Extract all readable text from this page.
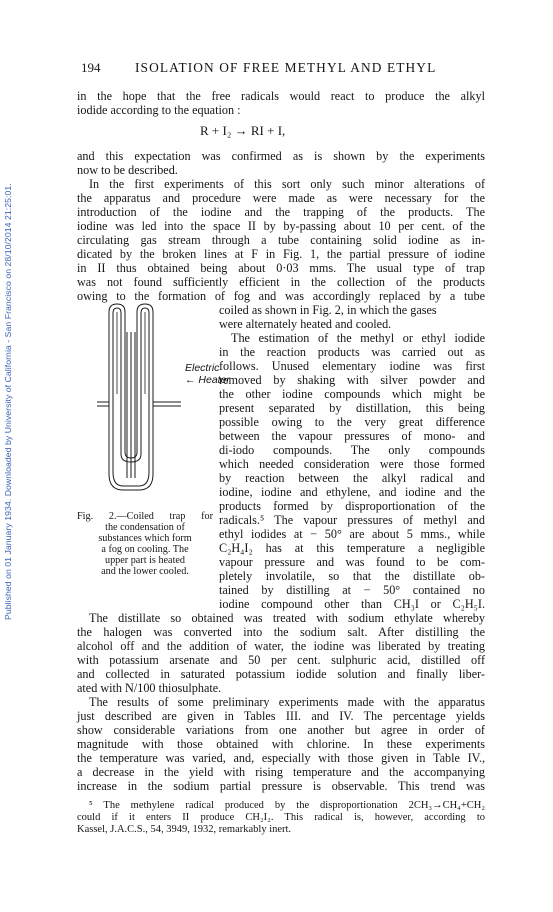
Published on 01 January 1934. Downloaded by University of California - San Francisco on 28/10/2014 21:25:01.
194	ISOLATION OF FREE METHYL AND ETHYL
in the hope that the free radicals would react to produce the alkyl
iodide according to the equation :
R + I₂ → RI + I,
and this expectation was confirmed as is shown by the experiments
now to be described.
In the first experiments of this sort only such minor alterations of
the apparatus and procedure were made as were necessary for the
introduction of the iodine and the trapping of the products. The
iodine was led into the space II by by-passing about 10 per cent. of the
circulating gas stream through a tube containing solid iodine as in-
dicated by the broken lines at F in Fig. 1, the partial pressure of iodine
in II thus obtained being about 0·03 mms. The usual type of trap
was not found sufficiently efficient in the collection of the products
owing to the formation of fog and was accordingly replaced by a tube
Electric
← Heater
coiled as shown in Fig. 2, in which the gases
were alternately heated and cooled.
The estimation of the methyl or ethyl iodide
in the reaction products was carried out as
follows. Unused elementary iodine was first
removed by shaking with silver powder and
the other iodine compounds which might be
present separated by distillation, this being
possible owing to the very great difference
between the vapour pressures of mono- and
di-iodo compounds. The only compounds
which needed consideration were those formed
by reaction between the alkyl radical and
iodine, iodine and ethylene, and iodine and the
products formed by disproportionation of the
radicals.⁵ The vapour pressures of methyl and
ethyl iodides at − 50° are about 5 mms., while
C₂H₄I₂ has at this temperature a negligible
vapour pressure and was found to be com-
pletely involatile, so that the distillate ob-
tained by distilling at − 50° contained no
iodine compound other than CH₃I or C₂H₅I.
Fig. 2.—Coiled trap for
the condensation of
substances which form
a fog on cooling. The
upper part is heated
and the lower cooled.
The distillate so obtained was treated with sodium ethylate whereby
the halogen was converted into the sodium salt. After distilling the
alcohol off and the addition of water, the iodine was liberated by treating
with potassium arsenate and 50 per cent. sulphuric acid, distilled off
and collected in saturated potassium iodide solution and finally liber-
ated with N/100 thiosulphate.
The results of some preliminary experiments made with the apparatus
just described are given in Tables III. and IV. The percentage yields
show considerable variations from one another but agree in order of
magnitude with those obtained with chlorine. In these experiments
the temperature was varied, and, especially with those given in Table IV.,
a decrease in the yield with rising temperature and the accompanying
increase in the sodium partial pressure is observable. This trend was
⁵ The methylene radical produced by the disproportionation 2CH₃→CH₄+CH₂
could if it enters II produce CH₂I₂. This radical is, however, according to
Kassel, J.A.C.S., 54, 3949, 1932, remarkably inert.
